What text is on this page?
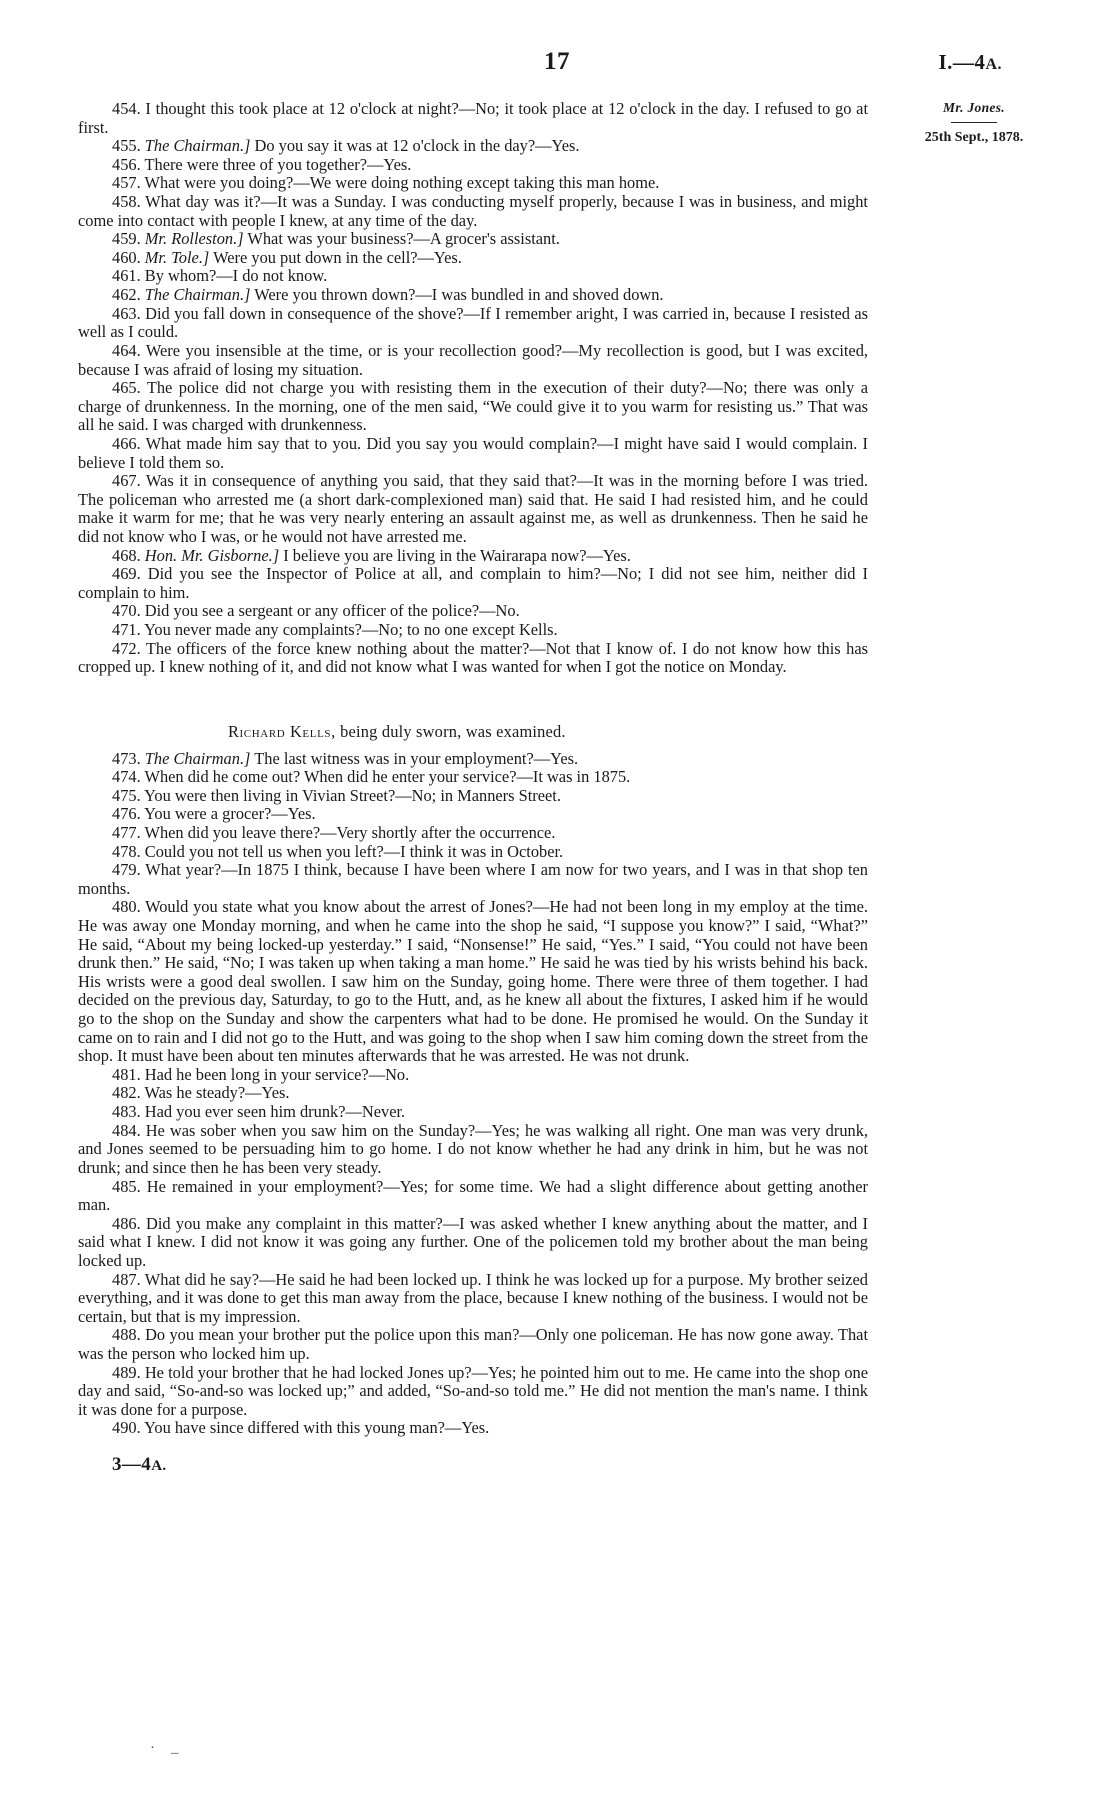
17	I.—4A.
Mr. Jones.
25th Sept., 1878.

454. I thought this took place at 12 o'clock at night?—No; it took place at 12 o'clock in the day. I refused to go at first.

455. The Chairman.] Do you say it was at 12 o'clock in the day?—Yes.

456. There were three of you together?—Yes.

457. What were you doing?—We were doing nothing except taking this man home.

458. What day was it?—It was a Sunday. I was conducting myself properly, because I was in business, and might come into contact with people I knew, at any time of the day.

459. Mr. Rolleston.] What was your business?—A grocer's assistant.

460. Mr. Tole.] Were you put down in the cell?—Yes.

461. By whom?—I do not know.

462. The Chairman.] Were you thrown down?—I was bundled in and shoved down.

463. Did you fall down in consequence of the shove?—If I remember aright, I was carried in, because I resisted as well as I could.

464. Were you insensible at the time, or is your recollection good?—My recollection is good, but I was excited, because I was afraid of losing my situation.

465. The police did not charge you with resisting them in the execution of their duty?—No; there was only a charge of drunkenness. In the morning, one of the men said, “We could give it to you warm for resisting us.” That was all he said. I was charged with drunkenness.

466. What made him say that to you. Did you say you would complain?—I might have said I would complain. I believe I told them so.

467. Was it in consequence of anything you said, that they said that?—It was in the morning before I was tried. The policeman who arrested me (a short dark-complexioned man) said that. He said I had resisted him, and he could make it warm for me; that he was very nearly entering an assault against me, as well as drunkenness. Then he said he did not know who I was, or he would not have arrested me.

468. Hon. Mr. Gisborne.] I believe you are living in the Wairarapa now?—Yes.

469. Did you see the Inspector of Police at all, and complain to him?—No; I did not see him, neither did I complain to him.

470. Did you see a sergeant or any officer of the police?—No.

471. You never made any complaints?—No; to no one except Kells.

472. The officers of the force knew nothing about the matter?—Not that I know of. I do not know how this has cropped up. I knew nothing of it, and did not know what I was wanted for when I got the notice on Monday.

Richard Kells, being duly sworn, was examined.

473. The Chairman.] The last witness was in your employment?—Yes.

474. When did he come out? When did he enter your service?—It was in 1875.

475. You were then living in Vivian Street?—No; in Manners Street.

476. You were a grocer?—Yes.

477. When did you leave there?—Very shortly after the occurrence.

478. Could you not tell us when you left?—I think it was in October.

479. What year?—In 1875 I think, because I have been where I am now for two years, and I was in that shop ten months.

480. Would you state what you know about the arrest of Jones?—He had not been long in my employ at the time. He was away one Monday morning, and when he came into the shop he said, “I suppose you know?” I said, “What?” He said, “About my being locked-up yesterday.” I said, “Nonsense!” He said, “Yes.” I said, “You could not have been drunk then.” He said, “No; I was taken up when taking a man home.” He said he was tied by his wrists behind his back. His wrists were a good deal swollen. I saw him on the Sunday, going home. There were three of them together. I had decided on the previous day, Saturday, to go to the Hutt, and, as he knew all about the fixtures, I asked him if he would go to the shop on the Sunday and show the carpenters what had to be done. He promised he would. On the Sunday it came on to rain and I did not go to the Hutt, and was going to the shop when I saw him coming down the street from the shop. It must have been about ten minutes afterwards that he was arrested. He was not drunk.

481. Had he been long in your service?—No.

482. Was he steady?—Yes.

483. Had you ever seen him drunk?—Never.

484. He was sober when you saw him on the Sunday?—Yes; he was walking all right. One man was very drunk, and Jones seemed to be persuading him to go home. I do not know whether he had any drink in him, but he was not drunk; and since then he has been very steady.

485. He remained in your employment?—Yes; for some time. We had a slight difference about getting another man.

486. Did you make any complaint in this matter?—I was asked whether I knew anything about the matter, and I said what I knew. I did not know it was going any further. One of the policemen told my brother about the man being locked up.

487. What did he say?—He said he had been locked up. I think he was locked up for a purpose. My brother seized everything, and it was done to get this man away from the place, because I knew nothing of the business. I would not be certain, but that is my impression.

488. Do you mean your brother put the police upon this man?—Only one policeman. He has now gone away. That was the person who locked him up.

489. He told your brother that he had locked Jones up?—Yes; he pointed him out to me. He came into the shop one day and said, “So-and-so was locked up;” and added, “So-and-so told me.” He did not mention the man's name. I think it was done for a purpose.

490. You have since differed with this young man?—Yes.

3—4A.
· _
